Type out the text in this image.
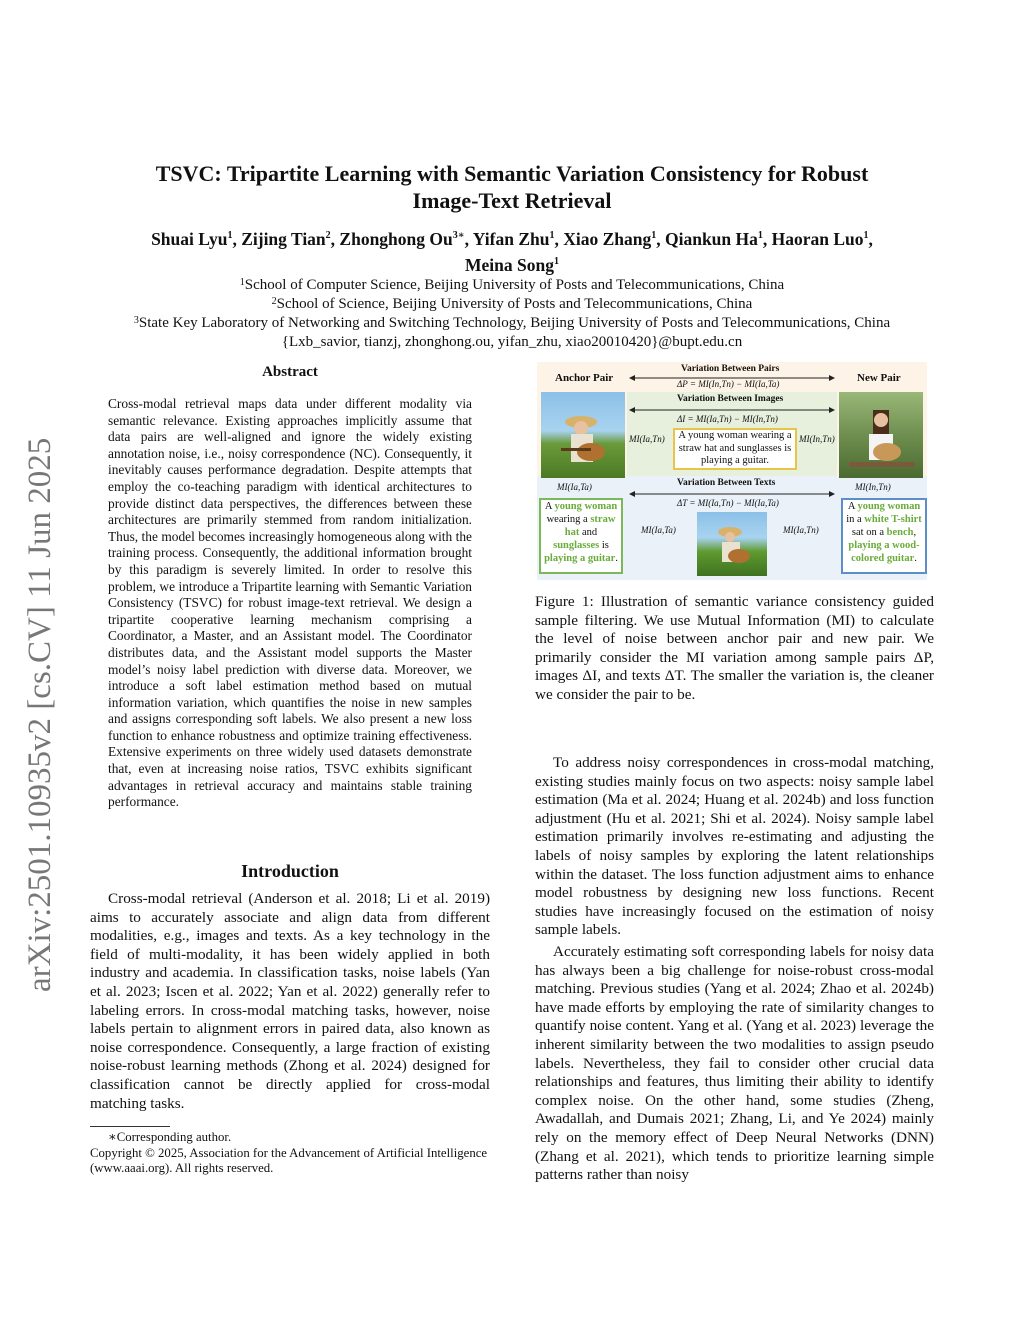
arXiv:2501.10935v2 [cs.CV] 11 Jun 2025
TSVC: Tripartite Learning with Semantic Variation Consistency for Robust
Image-Text Retrieval
Shuai Lyu$^1$, Zijing Tian$^2$, Zhonghong $Ou^{3∗}$, Yifan Zhu$^1$, Xiao Zhang$^1$, Qiankun Ha$^1$, Haoran Luo$^1$,
Meina Song$^1$
$^1$School of Computer Science, Beijing University of Posts and Telecommunications, China
$^2$School of Science, Beijing University of Posts and Telecommunications, China
$^3$State Key Laboratory of Networking and Switching Technology, Beijing University of Posts and Telecommunications, China
{Lxb_savior, tianzj, zhonghong.ou, yifan_zhu, xiao20010420}@bupt.edu.cn
Abstract
Cross-modal retrieval maps data under different modality via semantic relevance. Existing approaches implicitly assume that data pairs are well-aligned and ignore the widely existing annotation noise, i.e., noisy correspondence (NC). Consequently, it inevitably causes performance degradation. Despite attempts that employ the co-teaching paradigm with identical architectures to provide distinct data perspectives, the differences between these architectures are primarily stemmed from random initialization. Thus, the model becomes increasingly homogeneous along with the training process. Consequently, the additional information brought by this paradigm is severely limited. In order to resolve this problem, we introduce a Tripartite learning with Semantic Variation Consistency (TSVC) for robust image-text retrieval. We design a tripartite cooperative learning mechanism comprising a Coordinator, a Master, and an Assistant model. The Coordinator distributes data, and the Assistant model supports the Master model’s noisy label prediction with diverse data. Moreover, we introduce a soft label estimation method based on mutual information variation, which quantifies the noise in new samples and assigns corresponding soft labels. We also present a new loss function to enhance robustness and optimize training effectiveness. Extensive experiments on three widely used datasets demonstrate that, even at increasing noise ratios, TSVC exhibits significant advantages in retrieval accuracy and maintains stable training performance.
Introduction

Cross-modal retrieval (Anderson et al. 2018; Li et al. 2019) aims to accurately associate and align data from different modalities, e.g., images and texts. As a key technology in the field of multi-modality, it has been widely applied in both industry and academia. In classification tasks, noise labels (Yan et al. 2023; Iscen et al. 2022; Yan et al. 2022) generally refer to labeling errors. In cross-modal matching tasks, however, noise labels pertain to alignment errors in paired data, also known as noise correspondence. Consequently, a large fraction of existing noise-robust learning methods (Zhong et al. 2024) designed for classification cannot be directly applied for cross-modal matching tasks.

∗Corresponding author.
Copyright © 2025, Association for the Advancement of Artificial Intelligence (www.aaai.org). All rights reserved.
Anchor Pair	New Pair
Variation Between Pairs
ΔP = MI(In,Tn) − MI(Ia,Ta)
Variation Between Images
ΔI = MI(Ia,Tn) − MI(In,Tn)
A young woman wearing a straw hat and sunglasses is playing a guitar.
MI(Ia,Tn)	MI(In,Tn)
Variation Between Texts
ΔT = MI(Ia,Tn) − MI(Ia,Ta)
MI(Ia,Ta)	MI(In,Tn)
A young woman wearing a straw hat and sunglasses is playing a guitar.
A young woman in a white T-shirt sat on a bench, playing a wood-colored guitar.
MI(Ia,Ta)	MI(Ia,Tn)
Figure 1: Illustration of semantic variance consistency guided sample filtering. We use Mutual Information (MI) to calculate the level of noise between anchor pair and new pair. We primarily consider the MI variation among sample pairs ΔP, images ΔI, and texts ΔT. The smaller the variation is, the cleaner we consider the pair to be.

To address noisy correspondences in cross-modal matching, existing studies mainly focus on two aspects: noisy sample label estimation (Ma et al. 2024; Huang et al. 2024b) and loss function adjustment (Hu et al. 2021; Shi et al. 2024). Noisy sample label estimation primarily involves re-estimating and adjusting the labels of noisy samples by exploring the latent relationships within the dataset. The loss function adjustment aims to enhance model robustness by designing new loss functions. Recent studies have increasingly focused on the estimation of noisy sample labels.

Accurately estimating soft corresponding labels for noisy data has always been a big challenge for noise-robust cross-modal matching. Previous studies (Yang et al. 2024; Zhao et al. 2024b) have made efforts by employing the rate of similarity changes to quantify noise content. Yang et al. (Yang et al. 2023) leverage the inherent similarity between the two modalities to assign pseudo labels. Nevertheless, they fail to consider other crucial data relationships and features, thus limiting their ability to identify complex noise. On the other hand, some studies (Zheng, Awadallah, and Dumais 2021; Zhang, Li, and Ye 2024) mainly rely on the memory effect of Deep Neural Networks (DNN) (Zhang et al. 2021), which tends to prioritize learning simple patterns rather than noisy
